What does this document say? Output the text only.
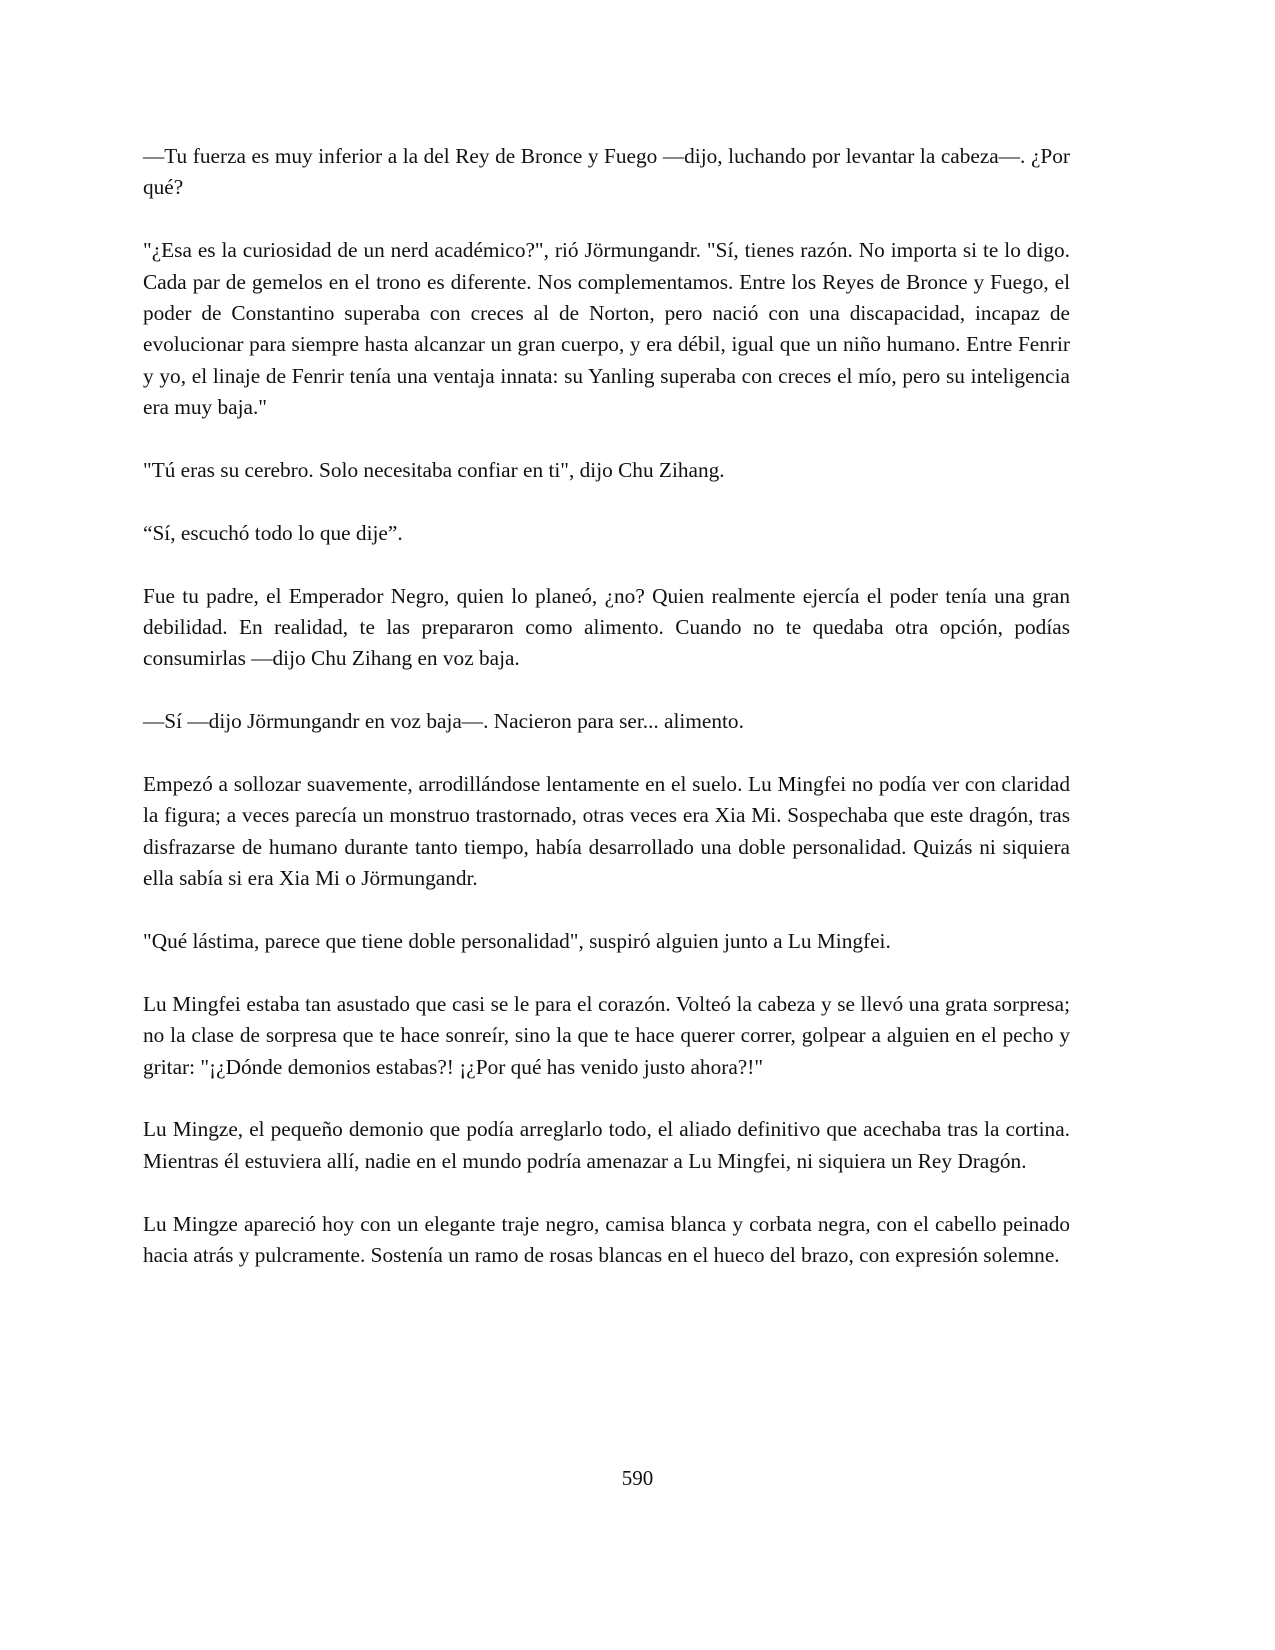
—Tu fuerza es muy inferior a la del Rey de Bronce y Fuego —dijo, luchando por levantar la cabeza—. ¿Por qué?

"¿Esa es la curiosidad de un nerd académico?", rió Jörmungandr. "Sí, tienes razón. No importa si te lo digo. Cada par de gemelos en el trono es diferente. Nos complementamos. Entre los Reyes de Bronce y Fuego, el poder de Constantino superaba con creces al de Norton, pero nació con una discapacidad, incapaz de evolucionar para siempre hasta alcanzar un gran cuerpo, y era débil, igual que un niño humano. Entre Fenrir y yo, el linaje de Fenrir tenía una ventaja innata: su Yanling superaba con creces el mío, pero su inteligencia era muy baja."

"Tú eras su cerebro. Solo necesitaba confiar en ti", dijo Chu Zihang.

“Sí, escuchó todo lo que dije”.

Fue tu padre, el Emperador Negro, quien lo planeó, ¿no? Quien realmente ejercía el poder tenía una gran debilidad. En realidad, te las prepararon como alimento. Cuando no te quedaba otra opción, podías consumirlas —dijo Chu Zihang en voz baja.

—Sí —dijo Jörmungandr en voz baja—. Nacieron para ser... alimento.

Empezó a sollozar suavemente, arrodillándose lentamente en el suelo. Lu Mingfei no podía ver con claridad la figura; a veces parecía un monstruo trastornado, otras veces era Xia Mi. Sospechaba que este dragón, tras disfrazarse de humano durante tanto tiempo, había desarrollado una doble personalidad. Quizás ni siquiera ella sabía si era Xia Mi o Jörmungandr.

"Qué lástima, parece que tiene doble personalidad", suspiró alguien junto a Lu Mingfei.

Lu Mingfei estaba tan asustado que casi se le para el corazón. Volteó la cabeza y se llevó una grata sorpresa; no la clase de sorpresa que te hace sonreír, sino la que te hace querer correr, golpear a alguien en el pecho y gritar: "¡¿Dónde demonios estabas?! ¡¿Por qué has venido justo ahora?!"

Lu Mingze, el pequeño demonio que podía arreglarlo todo, el aliado definitivo que acechaba tras la cortina. Mientras él estuviera allí, nadie en el mundo podría amenazar a Lu Mingfei, ni siquiera un Rey Dragón.

Lu Mingze apareció hoy con un elegante traje negro, camisa blanca y corbata negra, con el cabello peinado hacia atrás y pulcramente. Sostenía un ramo de rosas blancas en el hueco del brazo, con expresión solemne.

590
